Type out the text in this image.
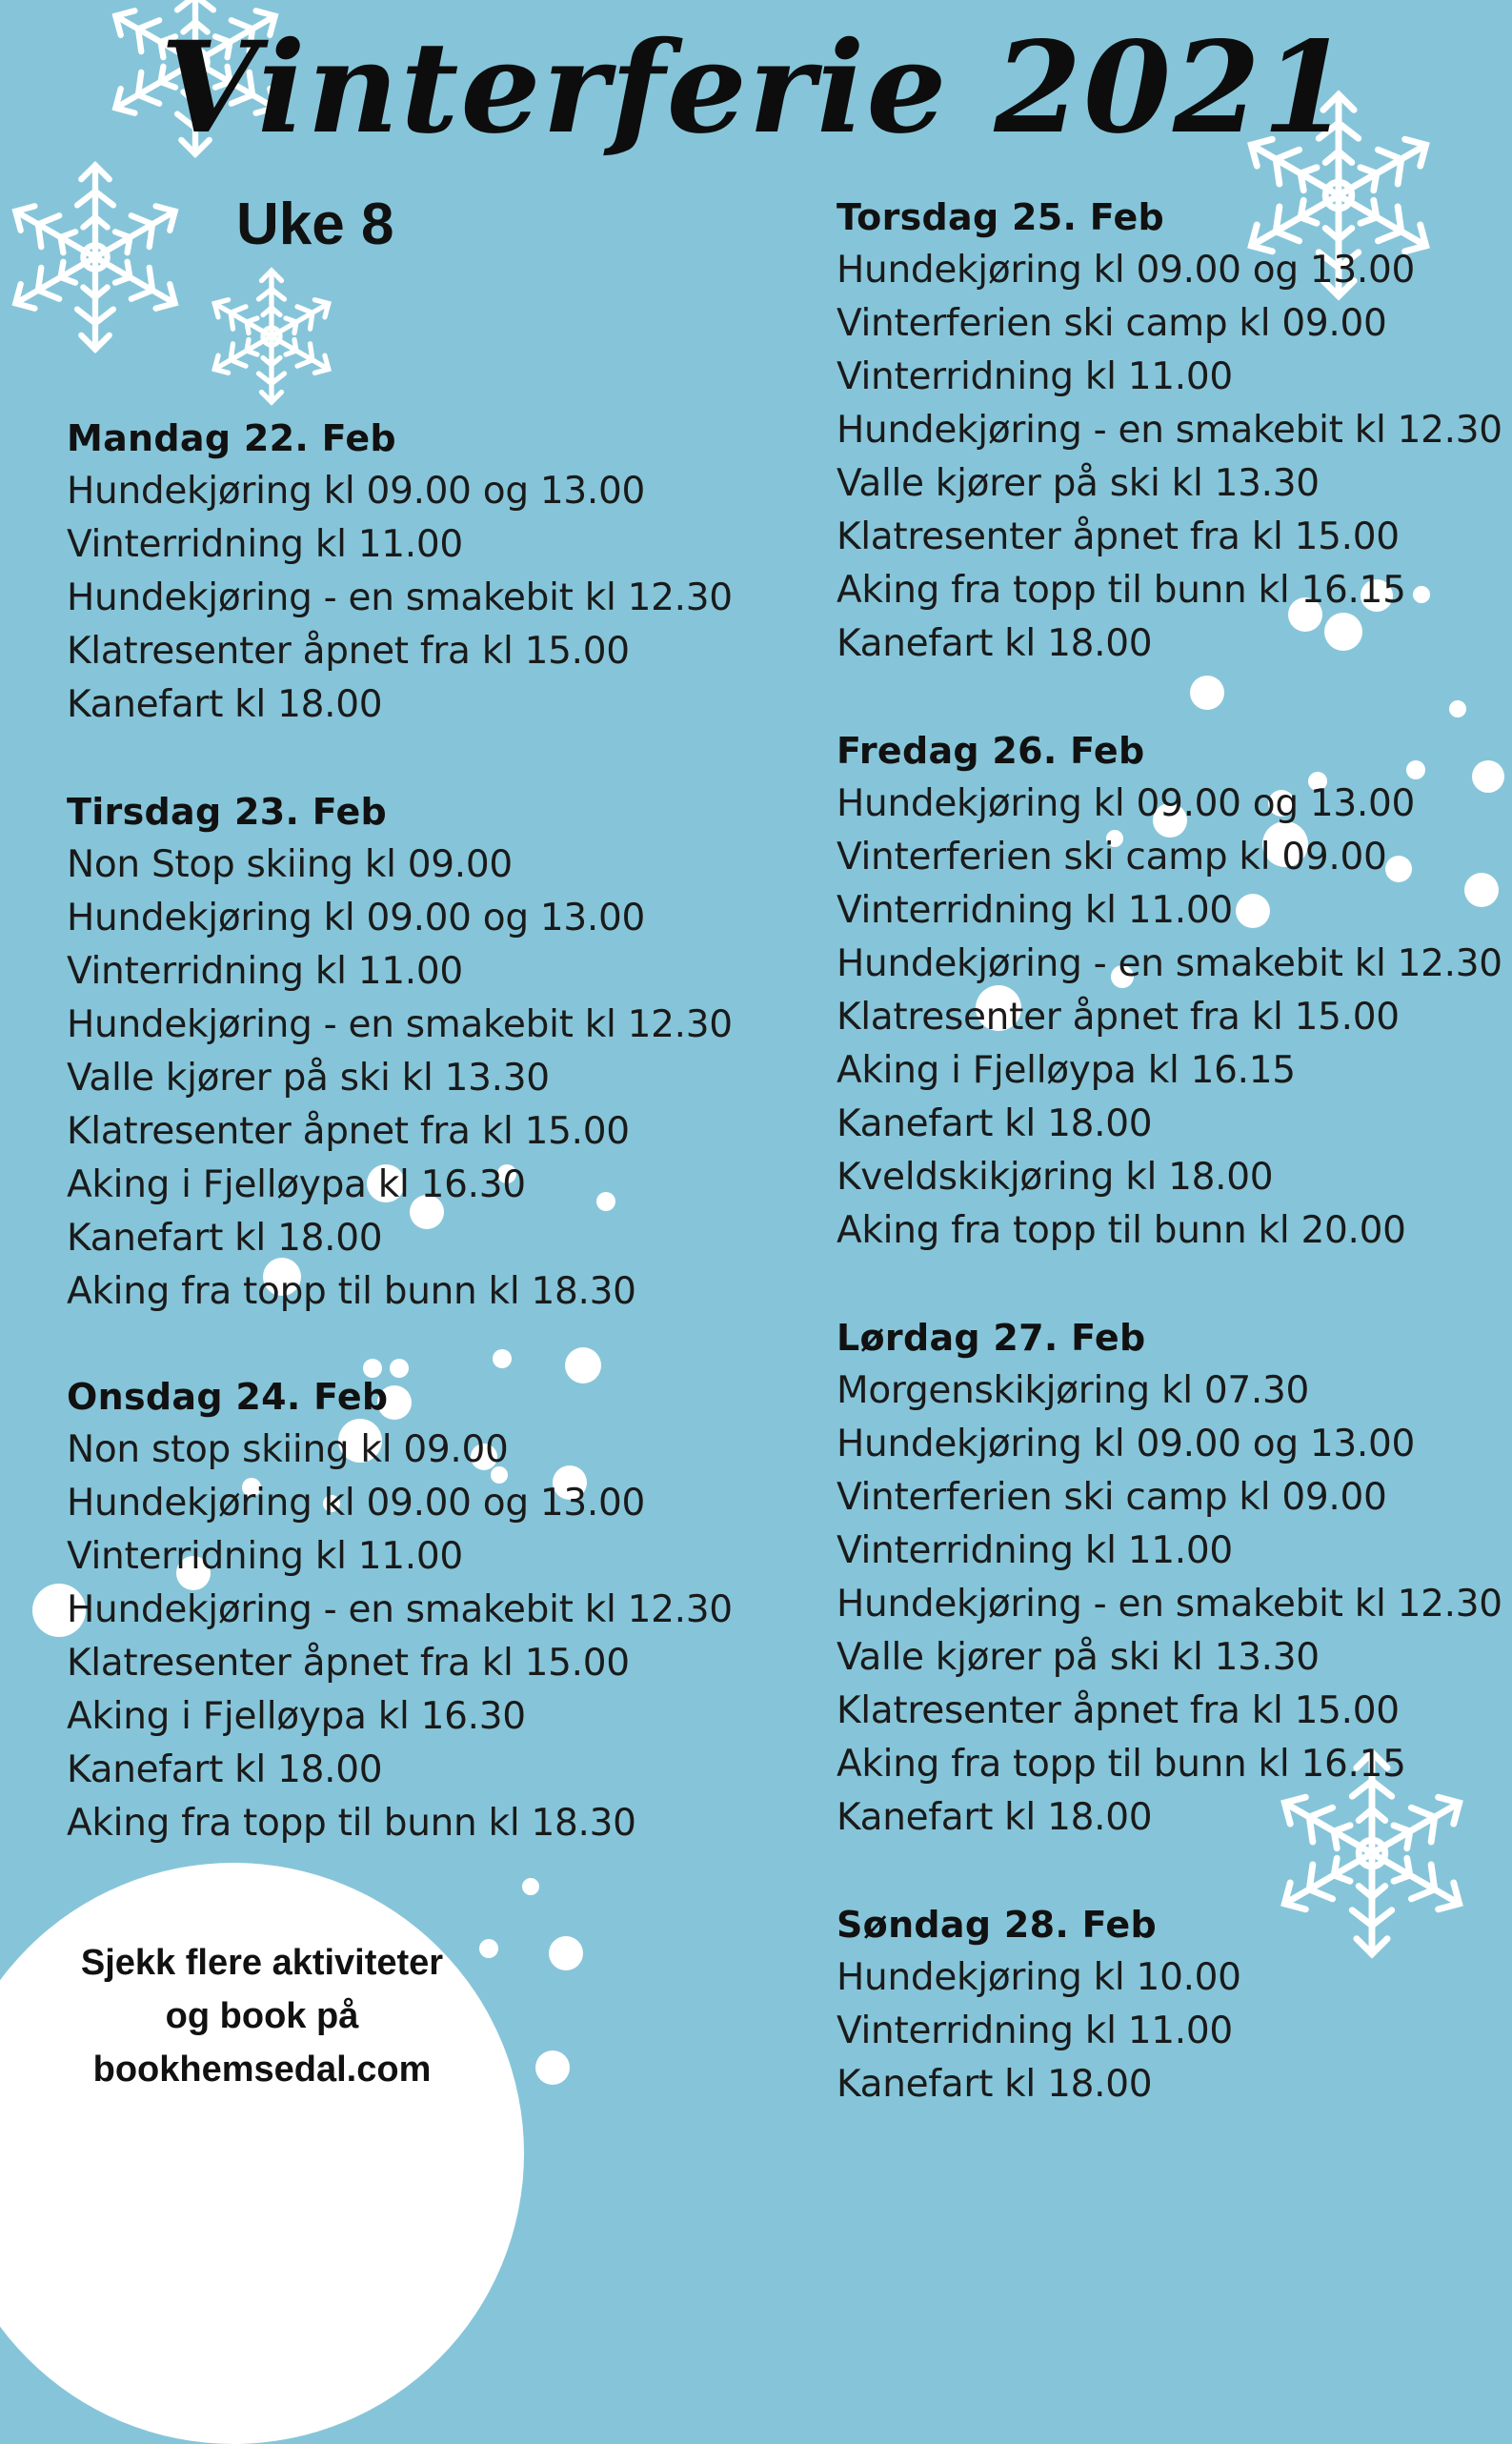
Vinterferie 2021
Uke 8
Mandag 22. Feb
Hundekjøring kl 09.00 og 13.00
Vinterridning kl 11.00
Hundekjøring - en smakebit kl 12.30
Klatresenter åpnet fra kl 15.00
Kanefart kl 18.00
Tirsdag 23. Feb
Non Stop skiing kl 09.00
Hundekjøring kl 09.00 og 13.00
Vinterridning kl 11.00
Hundekjøring - en smakebit kl 12.30
Valle kjører på ski kl 13.30
Klatresenter åpnet fra kl 15.00
Aking i Fjelløypa kl 16.30
Kanefart kl 18.00
Aking fra topp til bunn kl 18.30
Onsdag 24. Feb
Non stop skiing kl 09.00
Hundekjøring kl 09.00 og 13.00
Vinterridning kl 11.00
Hundekjøring - en smakebit kl 12.30
Klatresenter åpnet fra kl 15.00
Aking i Fjelløypa kl 16.30
Kanefart kl 18.00
Aking fra topp til bunn kl 18.30
Torsdag 25. Feb
Hundekjøring kl 09.00 og 13.00
Vinterferien ski camp kl 09.00
Vinterridning kl 11.00
Hundekjøring - en smakebit kl 12.30
Valle kjører på ski kl 13.30
Klatresenter åpnet fra kl 15.00
Aking fra topp til bunn kl 16.15
Kanefart kl 18.00
Fredag 26. Feb
Hundekjøring kl 09.00 og 13.00
Vinterferien ski camp kl 09.00
Vinterridning kl 11.00
Hundekjøring - en smakebit kl 12.30
Klatresenter åpnet fra kl 15.00
Aking i Fjelløypa kl 16.15
Kanefart kl 18.00
Kveldskikjøring kl 18.00
Aking fra topp til bunn kl 20.00
Lørdag 27. Feb
Morgenskikjøring kl 07.30
Hundekjøring kl 09.00 og 13.00
Vinterferien ski camp kl 09.00
Vinterridning kl 11.00
Hundekjøring - en smakebit kl 12.30
Valle kjører på ski kl 13.30
Klatresenter åpnet fra kl 15.00
Aking fra topp til bunn kl 16.15
Kanefart kl 18.00
Søndag 28. Feb
Hundekjøring kl 10.00
Vinterridning kl 11.00
Kanefart kl 18.00
Sjekk flere aktiviteter
og book på
bookhemsedal.com
